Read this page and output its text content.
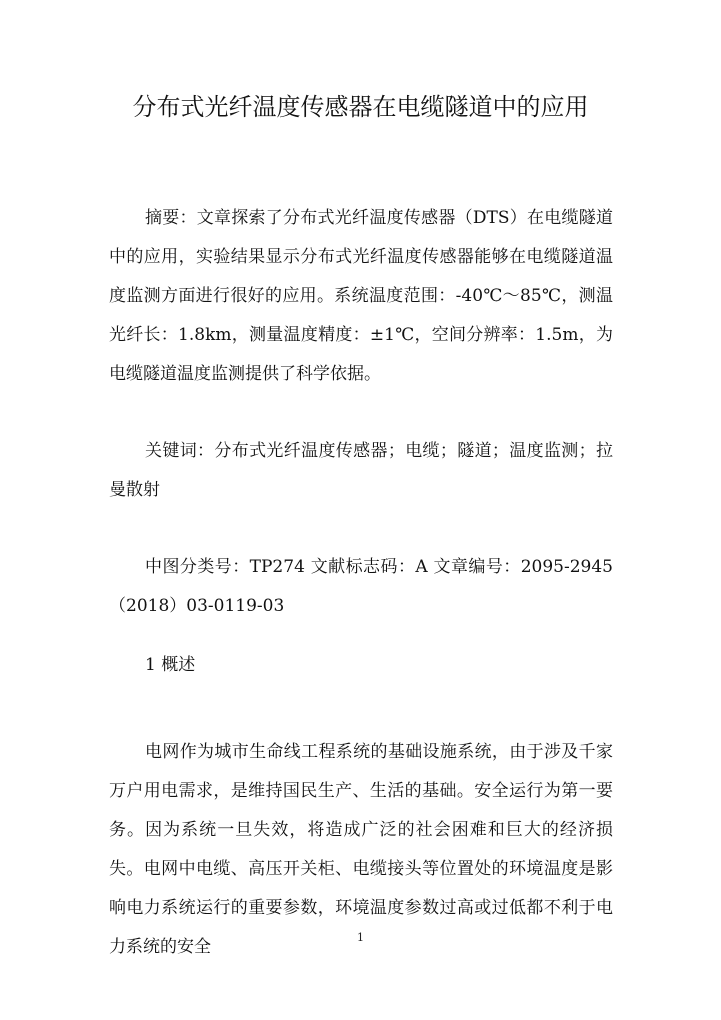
分布式光纤温度传感器在电缆隧道中的应用

摘要：文章探索了分布式光纤温度传感器（DTS）在电缆隧道中的应用，实验结果显示分布式光纤温度传感器能够在电缆隧道温度监测方面进行很好的应用。系统温度范围：-40℃～85℃，测温光纤长：1.8km，测量温度精度：±1℃，空间分辨率：1.5m，为电缆隧道温度监测提供了科学依据。

关键词：分布式光纤温度传感器；电缆；隧道；温度监测；拉曼散射

中图分类号：TP274 文献标志码：A 文章编号：2095-2945（2018）03-0119-03

1 概述

电网作为城市生命线工程系统的基础设施系统，由于涉及千家万户用电需求，是维持国民生产、生活的基础。安全运行为第一要务。因为系统一旦失效，将造成广泛的社会困难和巨大的经济损失。电网中电缆、高压开关柜、电缆接头等位置处的环境温度是影响电力系统运行的重要参数，环境温度参数过高或过低都不利于电力系统的安全	1
